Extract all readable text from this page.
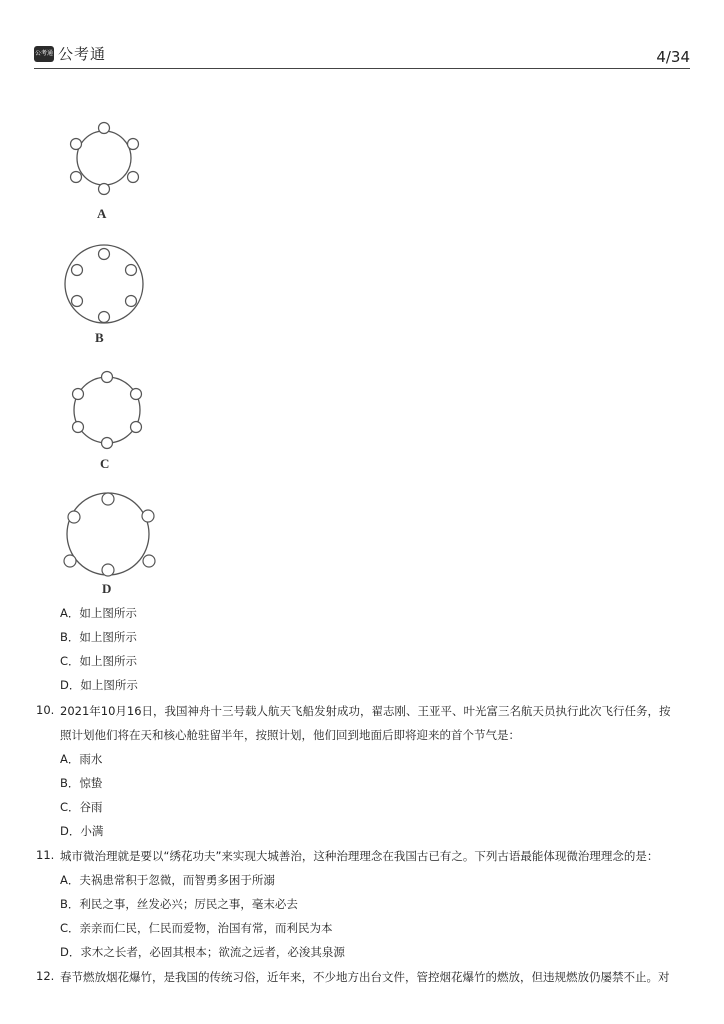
公考通 公考通	4/34
A
B
C
D
A．如上图所示
B．如上图所示
C．如上图所示
D．如上图所示
10. 2021年10月16日，我国神舟十三号载人航天飞船发射成功，翟志刚、王亚平、叶光富三名航天员执行此次飞行任务，按
照计划他们将在天和核心舱驻留半年，按照计划，他们回到地面后即将迎来的首个节气是：
A．雨水
B．惊蛰
C．谷雨
D．小满
11. 城市微治理就是要以“绣花功夫”来实现大城善治，这种治理理念在我国古已有之。下列古语最能体现微治理理念的是：
A．夫祸患常积于忽微，而智勇多困于所溺
B．利民之事，丝发必兴；厉民之事，毫末必去
C．亲亲而仁民，仁民而爱物，治国有常，而利民为本
D．求木之长者，必固其根本；欲流之远者，必浚其泉源
12. 春节燃放烟花爆竹，是我国的传统习俗，近年来，不少地方出台文件，管控烟花爆竹的燃放，但违规燃放仍屡禁不止。对
